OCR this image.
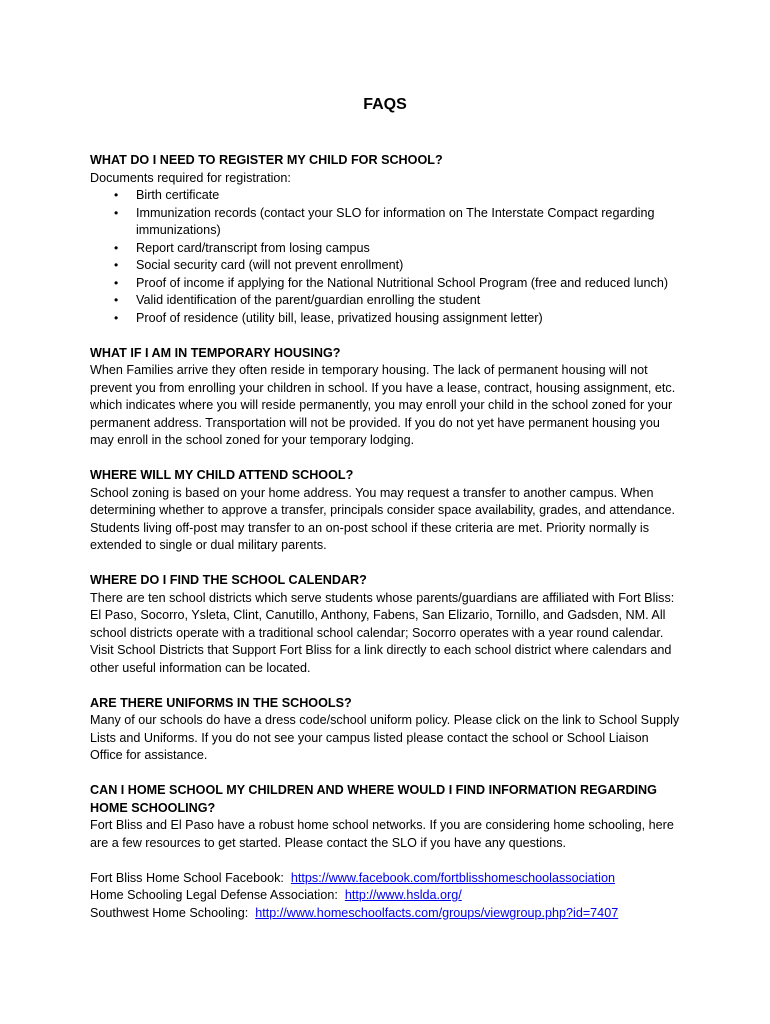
FAQS
WHAT DO I NEED TO REGISTER MY CHILD FOR SCHOOL?

Documents required for registration:

• Birth certificate
• Immunization records (contact your SLO for information on The Interstate Compact regarding immunizations)
• Report card/transcript from losing campus
• Social security card (will not prevent enrollment)
• Proof of income if applying for the National Nutritional School Program (free and reduced lunch)
• Valid identification of the parent/guardian enrolling the student
• Proof of residence (utility bill, lease, privatized housing assignment letter)
WHAT IF I AM IN TEMPORARY HOUSING?

When Families arrive they often reside in temporary housing. The lack of permanent housing will not prevent you from enrolling your children in school. If you have a lease, contract, housing assignment, etc. which indicates where you will reside permanently, you may enroll your child in the school zoned for your permanent address. Transportation will not be provided. If you do not yet have permanent housing you may enroll in the school zoned for your temporary lodging.

WHERE WILL MY CHILD ATTEND SCHOOL?

School zoning is based on your home address. You may request a transfer to another campus. When determining whether to approve a transfer, principals consider space availability, grades, and attendance. Students living off-post may transfer to an on-post school if these criteria are met. Priority normally is extended to single or dual military parents.

WHERE DO I FIND THE SCHOOL CALENDAR?

There are ten school districts which serve students whose parents/guardians are affiliated with Fort Bliss: El Paso, Socorro, Ysleta, Clint, Canutillo, Anthony, Fabens, San Elizario, Tornillo, and Gadsden, NM. All school districts operate with a traditional school calendar; Socorro operates with a year round calendar. Visit School Districts that Support Fort Bliss for a link directly to each school district where calendars and other useful information can be located.

ARE THERE UNIFORMS IN THE SCHOOLS?

Many of our schools do have a dress code/school uniform policy. Please click on the link to School Supply Lists and Uniforms. If you do not see your campus listed please contact the school or School Liaison Office for assistance.

CAN I HOME SCHOOL MY CHILDREN AND WHERE WOULD I FIND INFORMATION REGARDING HOME SCHOOLING?

Fort Bliss and El Paso have a robust home school networks. If you are considering home schooling, here are a few resources to get started. Please contact the SLO if you have any questions.

Fort Bliss Home School Facebook:  https://www.facebook.com/fortblisshomeschoolassociation
Home Schooling Legal Defense Association:  http://www.hslda.org/
Southwest Home Schooling:  http://www.homeschoolfacts.com/groups/viewgroup.php?id=7407
